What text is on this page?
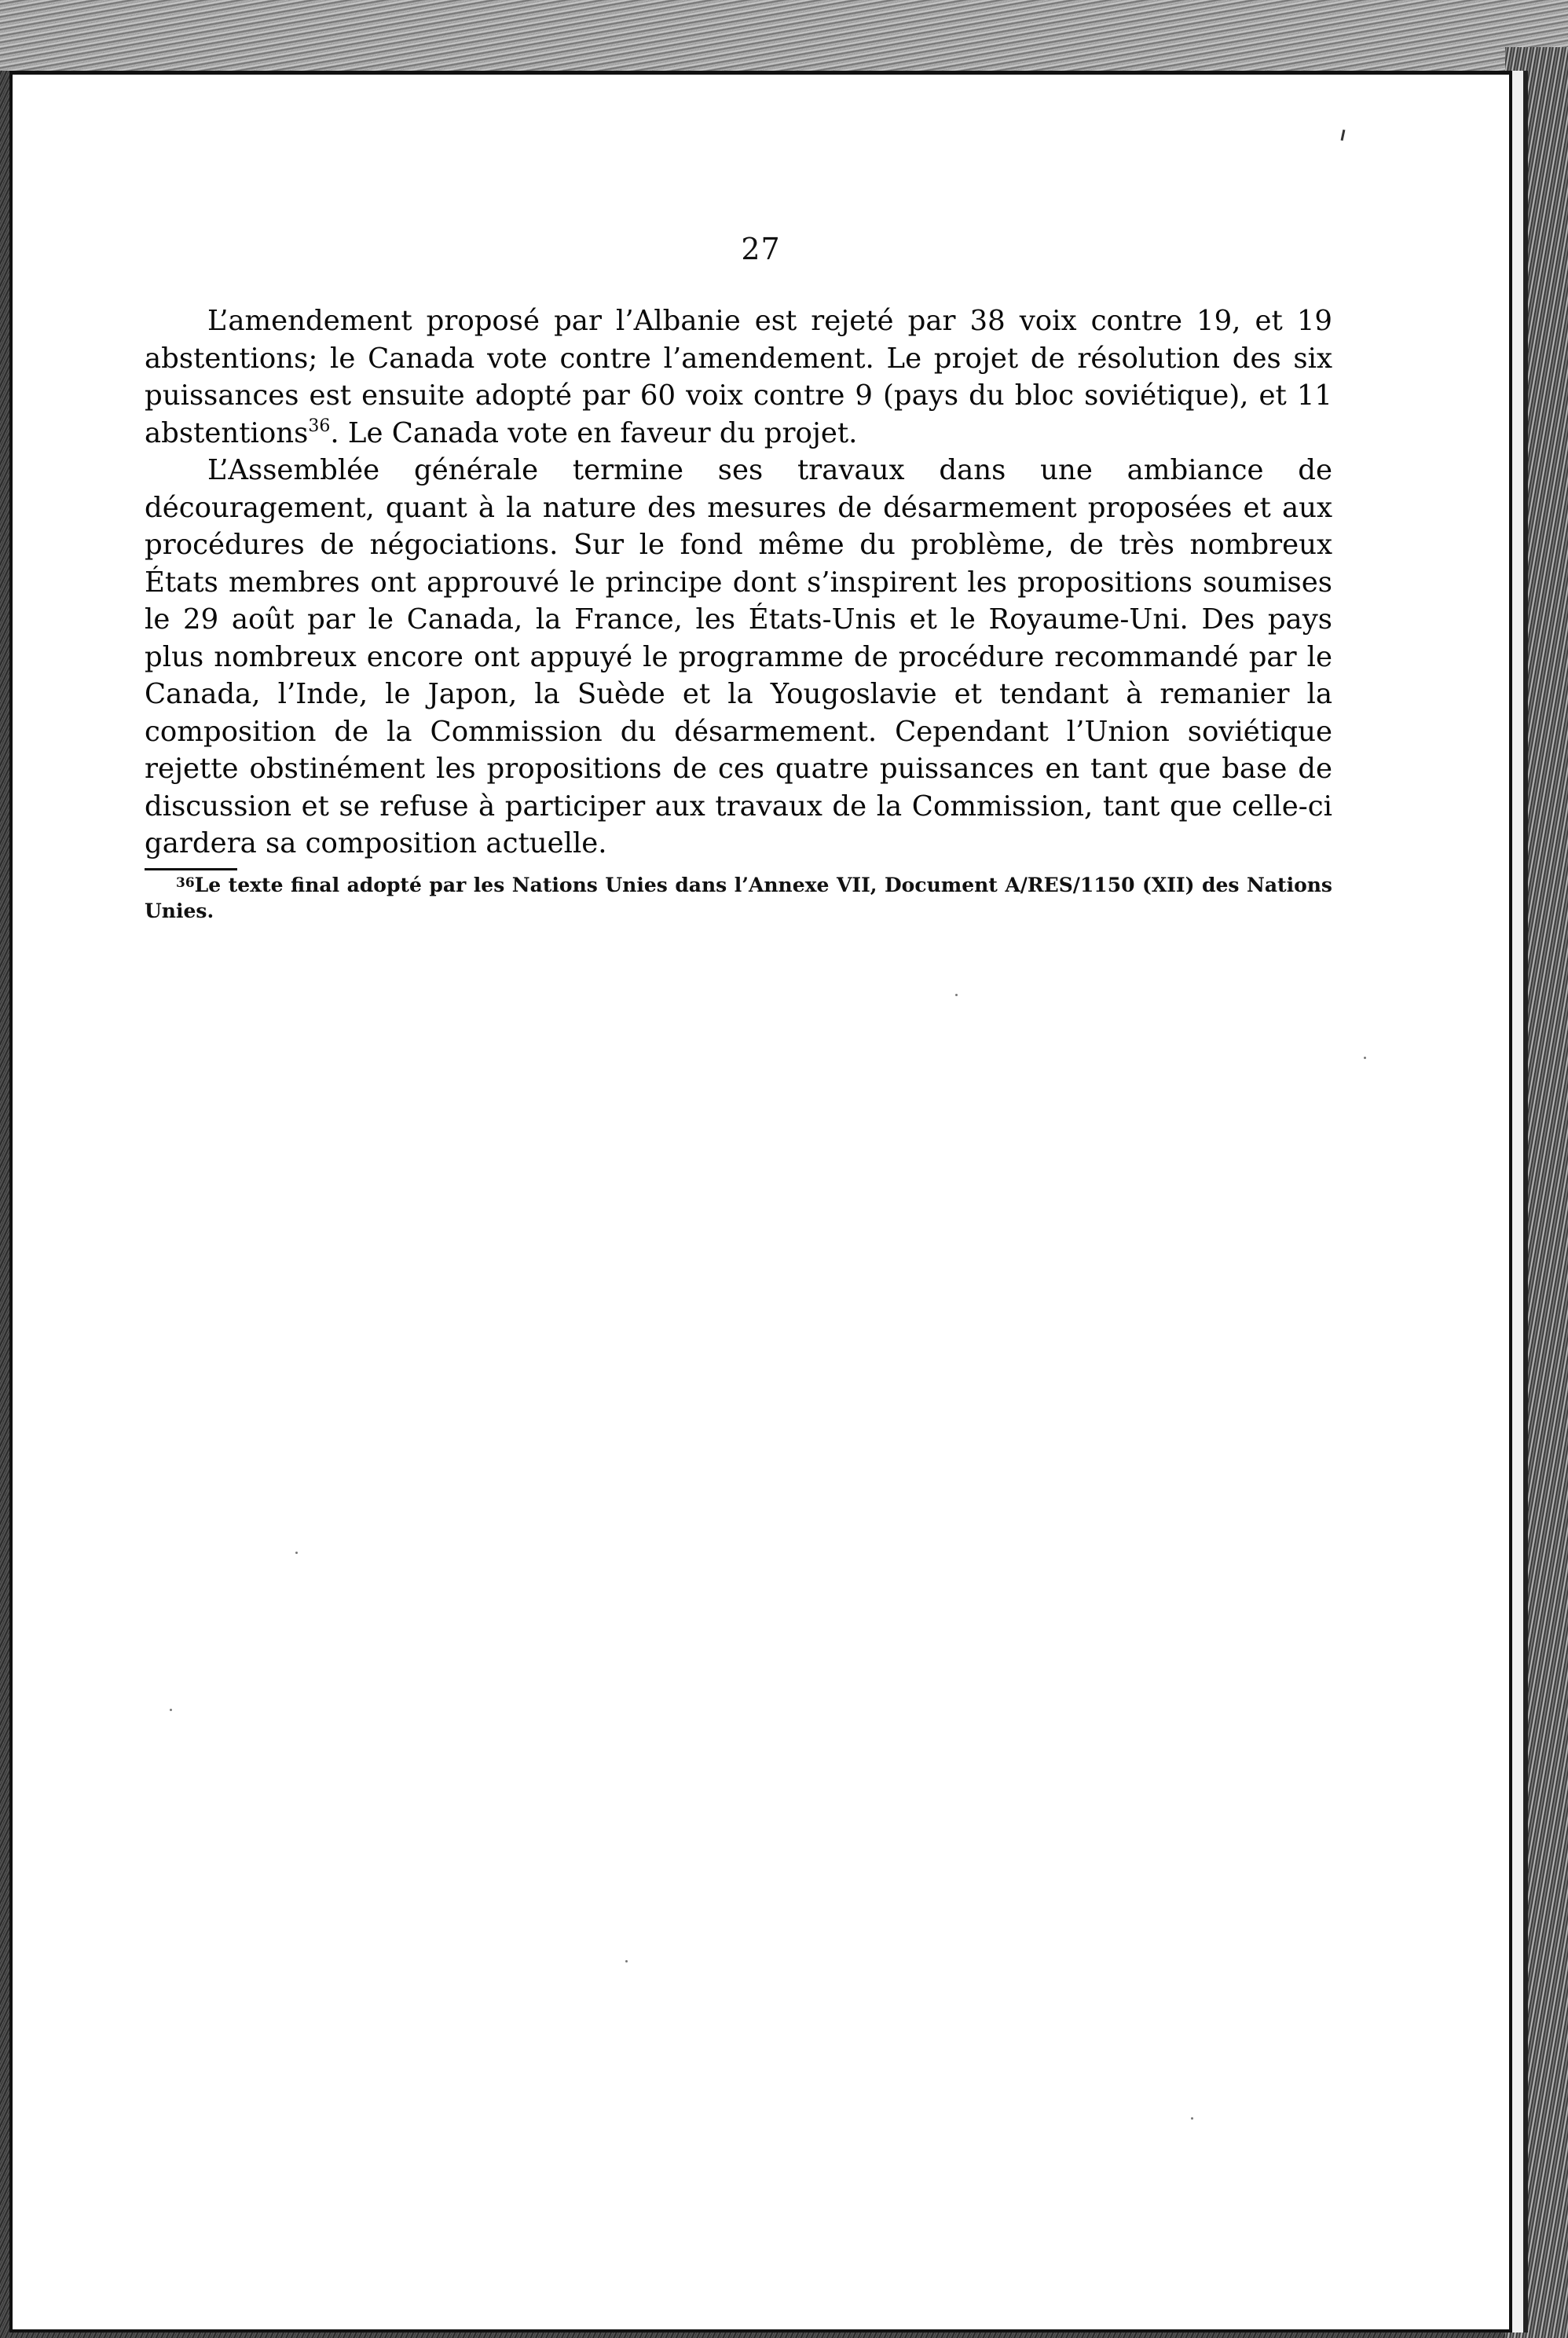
27

L’amendement proposé par l’Albanie est rejeté par 38 voix contre 19, et 19 abstentions; le Canada vote contre l’amendement. Le projet de résolution des six puissances est ensuite adopté par 60 voix contre 9 (pays du bloc soviétique), et 11 abstentions$^{36}$. Le Canada vote en faveur du projet.

L’Assemblée générale termine ses travaux dans une ambiance de découragement, quant à la nature des mesures de désarmement proposées et aux procédures de négociations. Sur le fond même du problème, de très nombreux États membres ont approuvé le principe dont s’inspirent les propositions soumises le 29 août par le Canada, la France, les États-Unis et le Royaume-Uni. Des pays plus nombreux encore ont appuyé le programme de procédure recommandé par le Canada, l’Inde, le Japon, la Suède et la Yougoslavie et tendant à remanier la composition de la Commission du désarmement. Cependant l’Union soviétique rejette obstinément les propositions de ces quatre puissances en tant que base de discussion et se refuse à participer aux travaux de la Commission, tant que celle-ci gardera sa composition actuelle.

36Le texte final adopté par les Nations Unies dans l’Annexe VII, Document A/RES/1150 (XII) des Nations Unies.
